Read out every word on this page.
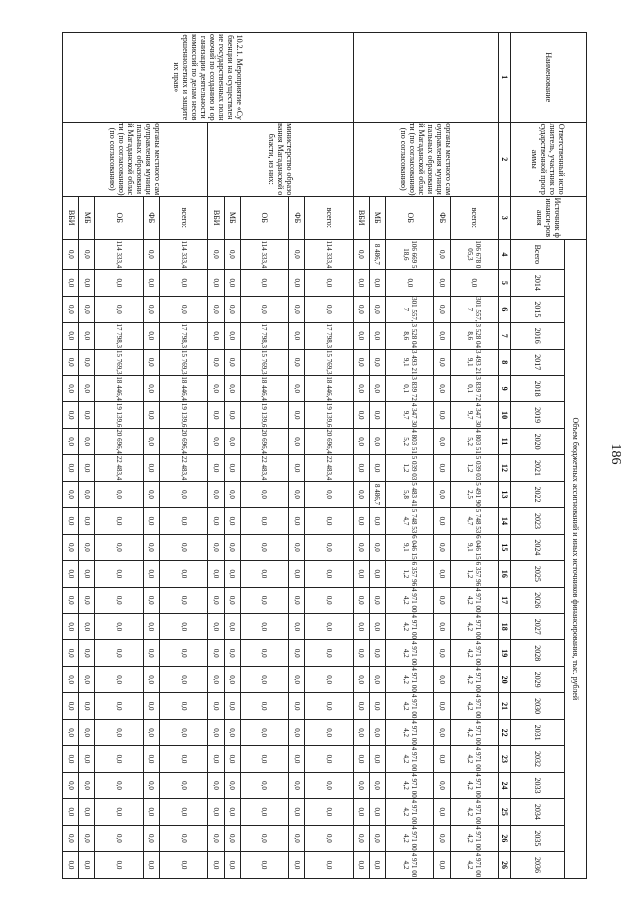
186
Наименование	Ответственный исполнитель, участник государственной программы	Источник финанси-рования	Объем бюджетных ассигнований и иных источников финансирования, тыс. рублей																							

			Всего	2014	2015	2016	2017	2018	2019	2020	2021	2022	2023	2024	2025	2026	2027	2028	2029	2030	2031	2032	2033	2034	2035	2036

1	2	3	4	5	6	7	8	9	10	11	12	13	14	15	16	17	18	19	20	21	22	23	24	25	26	26

	органы местного самоуправления муниципальных образований Магаданской области (по согласованию) (по согласованию)	всего:	106 678 005,3	0,0	301 557,7	3 528 048,6	3 493 219,1	3 839 720,1	4 347 309,7	4 803 515,2	5 039 031,2	5 491 902,5	5 748 534,7	6 046 159,1	6 357 961,2	4 971 004,2	4 971 004,2	4 971 004,2	4 971 004,2	4 971 004,2	4 971 004,2	4 971 004,2	4 971 004,2	4 971 004,2	4 971 004,2	4 971 004,2

		ФБ	0,0	0,0	0,0	0,0	0,0	0,0	0,0	0,0	0,0	0,0	0,0	0,0	0,0	0,0	0,0	0,0	0,0	0,0	0,0	0,0	0,0	0,0	0,0	0,0

		ОБ	106 669 518,6	0,0	301 557,7	3 528 048,6	3 493 219,1	3 839 720,1	4 347 309,7	4 803 515,2	5 039 031,2	5 483 415,8	5 748 534,7	6 046 159,1	6 357 961,2	4 971 004,2	4 971 004,2	4 971 004,2	4 971 004,2	4 971 004,2	4 971 004,2	4 971 004,2	4 971 004,2	4 971 004,2	4 971 004,2	4 971 004,2

		МБ	8 486,7	0,0	0,0	0,0	0,0	0,0	0,0	0,0	0,0	8 486,7	0,0	0,0	0,0	0,0	0,0	0,0	0,0	0,0	0,0	0,0	0,0	0,0	0,0	0,0

		ВБИ	0,0	0,0	0,0	0,0	0,0	0,0	0,0	0,0	0,0	0,0	0,0	0,0	0,0	0,0	0,0	0,0	0,0	0,0	0,0	0,0	0,0	0,0	0,0	0,0

10.2.1. Мероприятие «Субвенции на осуществление государственных полномочий по созданию и организации деятельности комиссий по делам несовершеннолетних и защите их прав»	министерство образования Магаданской области, из них:	всего:	114 333,4	0,0	0,0	17 798,3	15 769,3	18 446,4	19 139,6	20 696,4	22 483,4	0,0	0,0	0,0	0,0	0,0	0,0	0,0	0,0	0,0	0,0	0,0	0,0	0,0	0,0	0,0

		ФБ	0,0	0,0	0,0	0,0	0,0	0,0	0,0	0,0	0,0	0,0	0,0	0,0	0,0	0,0	0,0	0,0	0,0	0,0	0,0	0,0	0,0	0,0	0,0	0,0

		ОБ	114 333,4	0,0	0,0	17 798,3	15 769,3	18 446,4	19 139,6	20 696,4	22 483,4	0,0	0,0	0,0	0,0	0,0	0,0	0,0	0,0	0,0	0,0	0,0	0,0	0,0	0,0	0,0

		МБ	0,0	0,0	0,0	0,0	0,0	0,0	0,0	0,0	0,0	0,0	0,0	0,0	0,0	0,0	0,0	0,0	0,0	0,0	0,0	0,0	0,0	0,0	0,0	0,0

		ВБИ	0,0	0,0	0,0	0,0	0,0	0,0	0,0	0,0	0,0	0,0	0,0	0,0	0,0	0,0	0,0	0,0	0,0	0,0	0,0	0,0	0,0	0,0	0,0	0,0

	органы местного самоуправления муниципальных образований Магаданской области (по согласованию) (по согласованию)	всего:	114 333,4	0,0	0,0	17 798,3	15 769,3	18 446,4	19 139,6	20 696,4	22 483,4	0,0	0,0	0,0	0,0	0,0	0,0	0,0	0,0	0,0	0,0	0,0	0,0	0,0	0,0	0,0

		ФБ	0,0	0,0	0,0	0,0	0,0	0,0	0,0	0,0	0,0	0,0	0,0	0,0	0,0	0,0	0,0	0,0	0,0	0,0	0,0	0,0	0,0	0,0	0,0	0,0

		ОБ	114 333,4	0,0	0,0	17 798,3	15 769,3	18 446,4	19 139,6	20 696,4	22 483,4	0,0	0,0	0,0	0,0	0,0	0,0	0,0	0,0	0,0	0,0	0,0	0,0	0,0	0,0	0,0

		МБ	0,0	0,0	0,0	0,0	0,0	0,0	0,0	0,0	0,0	0,0	0,0	0,0	0,0	0,0	0,0	0,0	0,0	0,0	0,0	0,0	0,0	0,0	0,0	0,0

		ВБИ	0,0	0,0	0,0	0,0	0,0	0,0	0,0	0,0	0,0	0,0	0,0	0,0	0,0	0,0	0,0	0,0	0,0	0,0	0,0	0,0	0,0	0,0	0,0	0,0
